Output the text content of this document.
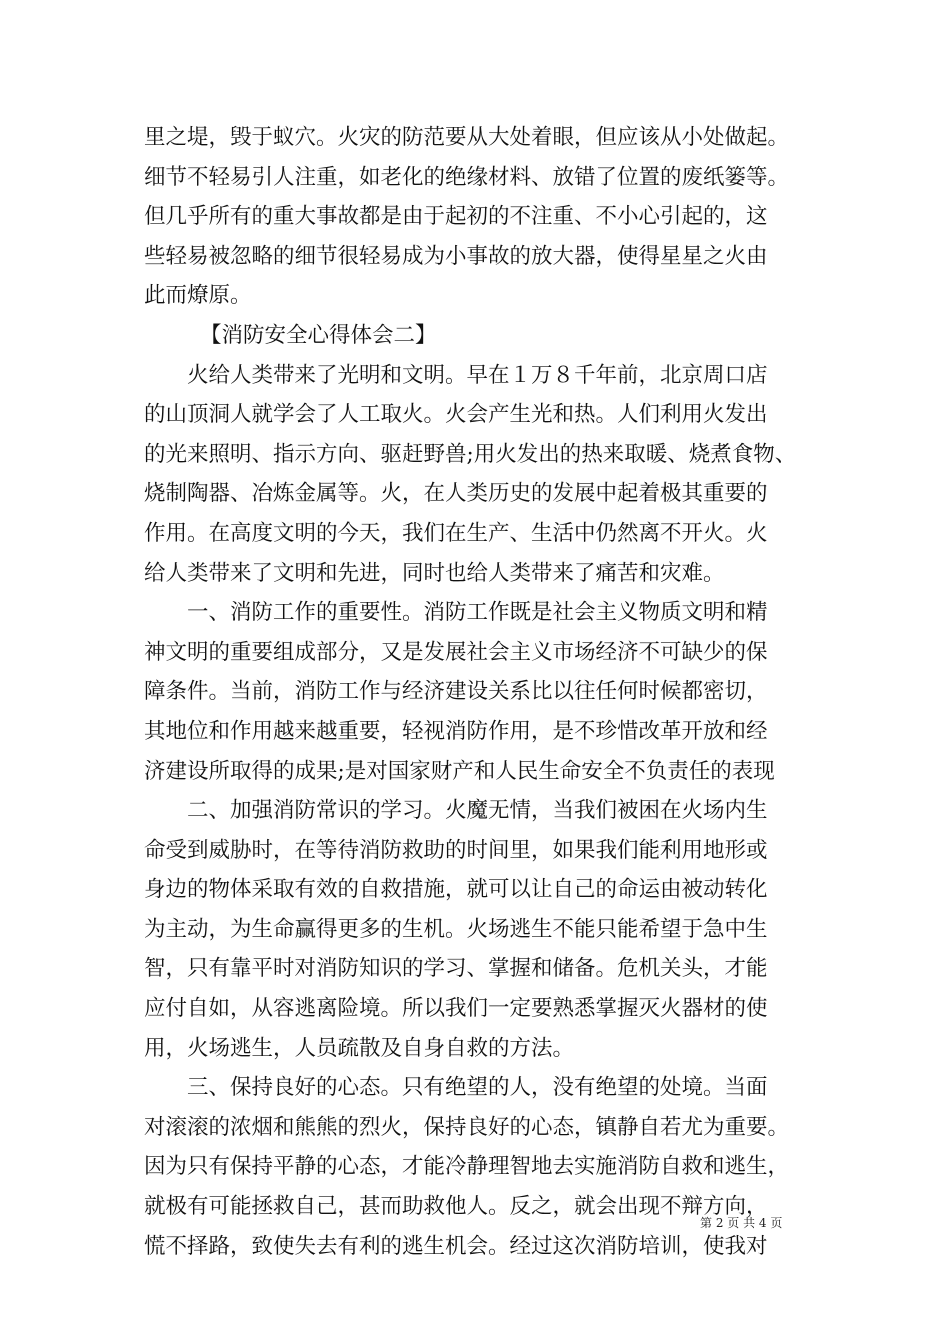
里之堤，毁于蚁穴。火灾的防范要从大处着眼，但应该从小处做起。
细节不轻易引人注重，如老化的绝缘材料、放错了位置的废纸篓等。
但几乎所有的重大事故都是由于起初的不注重、不小心引起的，这
些轻易被忽略的细节很轻易成为小事故的放大器，使得星星之火由
此而燎原。
【消防安全心得体会二】
火给人类带来了光明和文明。早在１万８千年前，北京周口店
的山顶洞人就学会了人工取火。火会产生光和热。人们利用火发出
的光来照明、指示方向、驱赶野兽;用火发出的热来取暖、烧煮食物、
烧制陶器、冶炼金属等。火，在人类历史的发展中起着极其重要的
作用。在高度文明的今天，我们在生产、生活中仍然离不开火。火
给人类带来了文明和先进，同时也给人类带来了痛苦和灾难。
一、消防工作的重要性。消防工作既是社会主义物质文明和精
神文明的重要组成部分，又是发展社会主义市场经济不可缺少的保
障条件。当前，消防工作与经济建设关系比以往任何时候都密切，
其地位和作用越来越重要，轻视消防作用，是不珍惜改革开放和经
济建设所取得的成果;是对国家财产和人民生命安全不负责任的表现
二、加强消防常识的学习。火魔无情，当我们被困在火场内生
命受到威胁时，在等待消防救助的时间里，如果我们能利用地形或
身边的物体采取有效的自救措施，就可以让自己的命运由被动转化
为主动，为生命赢得更多的生机。火场逃生不能只能希望于急中生
智，只有靠平时对消防知识的学习、掌握和储备。危机关头，才能
应付自如，从容逃离险境。所以我们一定要熟悉掌握灭火器材的使
用，火场逃生，人员疏散及自身自救的方法。
三、保持良好的心态。只有绝望的人，没有绝望的处境。当面
对滚滚的浓烟和熊熊的烈火，保持良好的心态，镇静自若尤为重要。
因为只有保持平静的心态，才能冷静理智地去实施消防自救和逃生，
就极有可能拯救自己，甚而助救他人。反之，就会出现不辩方向，
慌不择路，致使失去有利的逃生机会。经过这次消防培训，使我对
第 2 页 共 4 页
